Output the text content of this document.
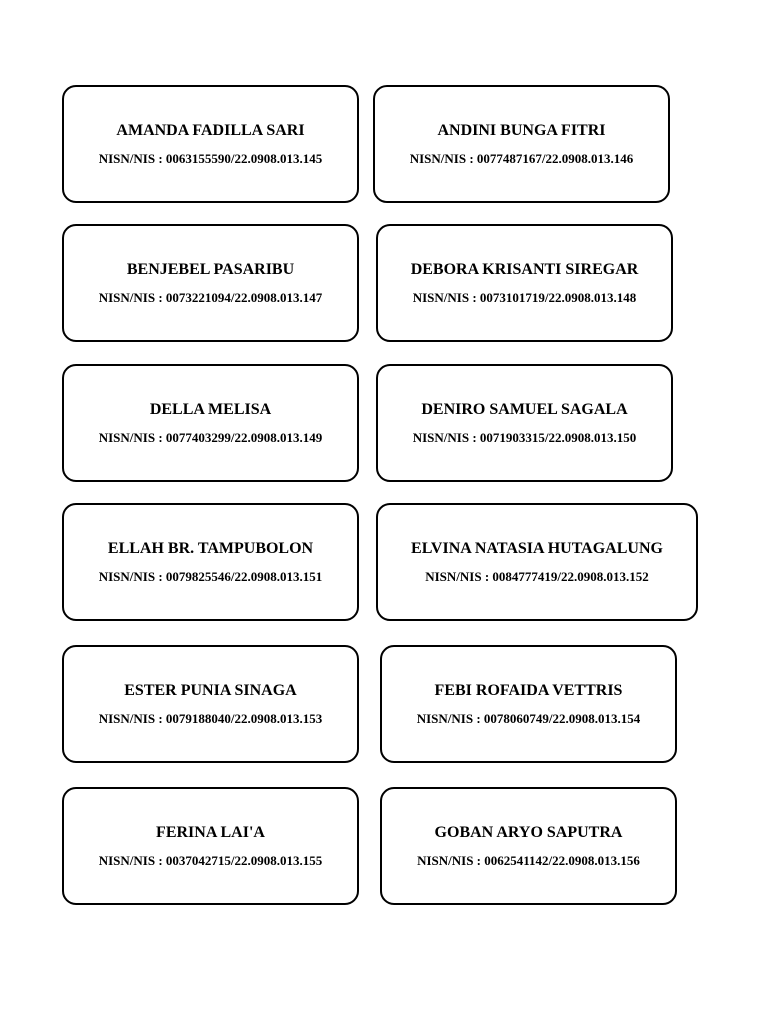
AMANDA FADILLA SARI
NISN/NIS : 0063155590/22.0908.013.145
ANDINI BUNGA FITRI
NISN/NIS : 0077487167/22.0908.013.146
BENJEBEL PASARIBU
NISN/NIS : 0073221094/22.0908.013.147
DEBORA KRISANTI SIREGAR
NISN/NIS : 0073101719/22.0908.013.148
DELLA MELISA
NISN/NIS : 0077403299/22.0908.013.149
DENIRO SAMUEL SAGALA
NISN/NIS : 0071903315/22.0908.013.150
ELLAH BR. TAMPUBOLON
NISN/NIS : 0079825546/22.0908.013.151
ELVINA NATASIA HUTAGALUNG
NISN/NIS : 0084777419/22.0908.013.152
ESTER PUNIA SINAGA
NISN/NIS : 0079188040/22.0908.013.153
FEBI ROFAIDA VETTRIS
NISN/NIS : 0078060749/22.0908.013.154
FERINA LAI'A
NISN/NIS : 0037042715/22.0908.013.155
GOBAN ARYO SAPUTRA
NISN/NIS : 0062541142/22.0908.013.156
